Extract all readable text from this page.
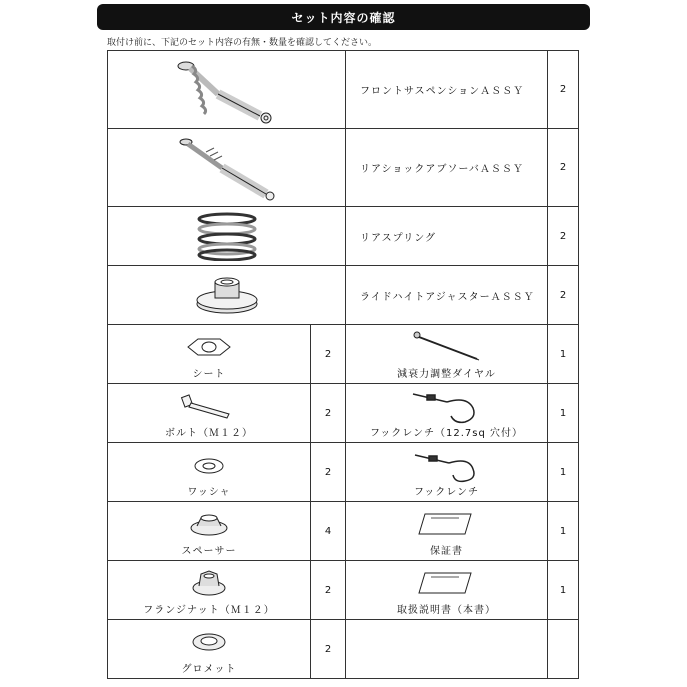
セット内容の確認
取付け前に、下記のセット内容の有無・数量を確認してください。
	フロントサスペンションＡＳＳＹ	2

	リアショックアブソーバＡＳＳＹ	2

	リアスプリング	2

	ライドハイトアジャスターＡＳＳＹ	2

シート	2	減衰力調整ダイヤル	1

ボルト（Ｍ１２）	2	フックレンチ（12.7sq 穴付）	1

ワッシャ	2	フックレンチ	1

スペーサー	4	保証書	1

フランジナット（Ｍ１２）	2	取扱説明書（本書）	1

グロメット	2		
